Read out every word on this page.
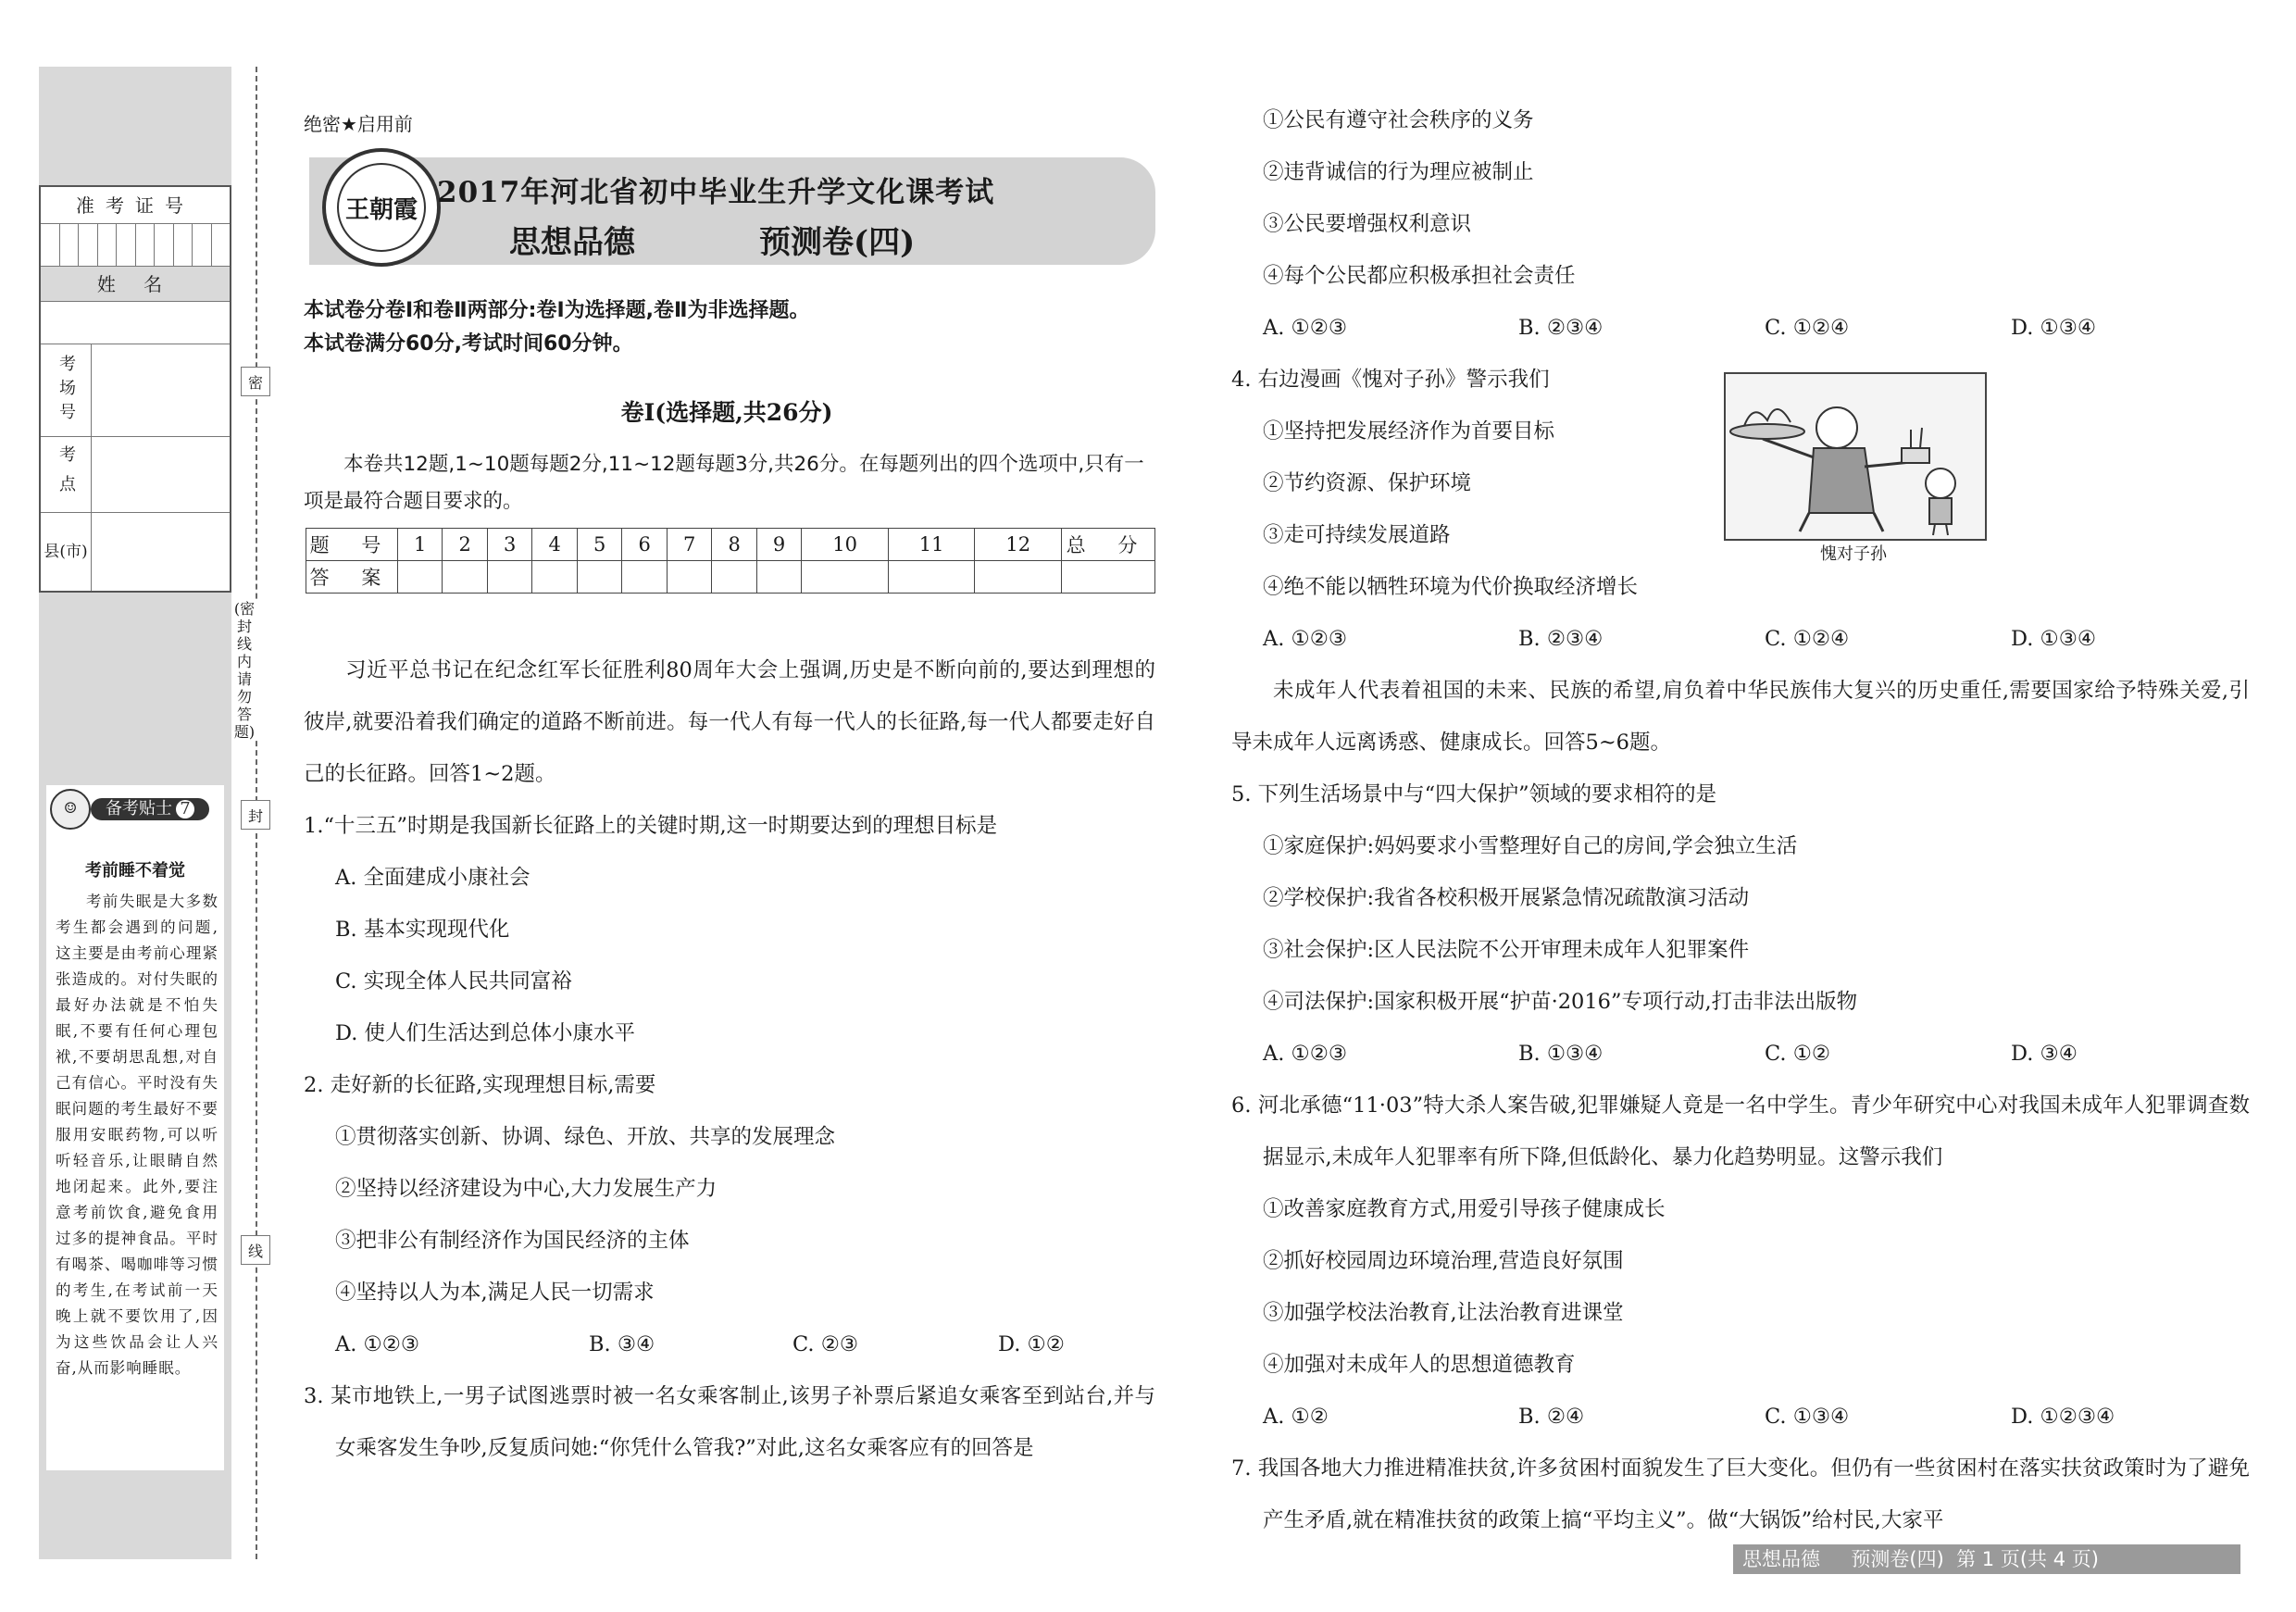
准考证号
姓 名
考场号
考点
县(市)
密
封
线
(密封线内请勿答题)
☺	备考贴士 7
考前睡不着觉
考前失眠是大多数考生都会遇到的问题,这主要是由考前心理紧张造成的。对付失眠的最好办法就是不怕失眠,不要有任何心理包袱,不要胡思乱想,对自己有信心。平时没有失眠问题的考生最好不要服用安眠药物,可以听听轻音乐,让眼睛自然地闭起来。此外,要注意考前饮食,避免食用过多的提神食品。平时有喝茶、喝咖啡等习惯的考生,在考试前一天晚上就不要饮用了,因为这些饮品会让人兴奋,从而影响睡眠。
绝密★启用前
王朝霞
2017年河北省初中毕业生升学文化课考试
思想品德	预测卷(四)
本试卷分卷Ⅰ和卷Ⅱ两部分:卷Ⅰ为选择题,卷Ⅱ为非选择题。
本试卷满分60分,考试时间60分钟。
卷Ⅰ(选择题,共26分)
本卷共12题,1~10题每题2分,11~12题每题3分,共26分。在每题列出的四个选项中,只有一项是最符合题目要求的。
题 号	1	2	3	4	5	6	7	8	9	10	11	12	总 分
答 案													
习近平总书记在纪念红军长征胜利80周年大会上强调,历史是不断向前的,要达到理想的彼岸,就要沿着我们确定的道路不断前进。每一代人有每一代人的长征路,每一代人都要走好自己的长征路。回答1~2题。
1.“十三五”时期是我国新长征路上的关键时期,这一时期要达到的理想目标是
A. 全面建成小康社会
B. 基本实现现代化
C. 实现全体人民共同富裕
D. 使人们生活达到总体小康水平
2. 走好新的长征路,实现理想目标,需要
①贯彻落实创新、协调、绿色、开放、共享的发展理念
②坚持以经济建设为中心,大力发展生产力
③把非公有制经济作为国民经济的主体
④坚持以人为本,满足人民一切需求
A. ①②③	B. ③④	C. ②③	D. ①②
3. 某市地铁上,一男子试图逃票时被一名女乘客制止,该男子补票后紧追女乘客至到站台,并与女乘客发生争吵,反复质问她:“你凭什么管我?”对此,这名女乘客应有的回答是
①公民有遵守社会秩序的义务
②违背诚信的行为理应被制止
③公民要增强权利意识
④每个公民都应积极承担社会责任
A. ①②③	B. ②③④	C. ①②④	D. ①③④
4. 右边漫画《愧对子孙》警示我们
①坚持把发展经济作为首要目标
②节约资源、保护环境
③走可持续发展道路
④绝不能以牺牲环境为代价换取经济增长
愧对子孙
A. ①②③	B. ②③④	C. ①②④	D. ①③④
未成年人代表着祖国的未来、民族的希望,肩负着中华民族伟大复兴的历史重任,需要国家给予特殊关爱,引导未成年人远离诱惑、健康成长。回答5~6题。
5. 下列生活场景中与“四大保护”领域的要求相符的是
①家庭保护:妈妈要求小雪整理好自己的房间,学会独立生活
②学校保护:我省各校积极开展紧急情况疏散演习活动
③社会保护:区人民法院不公开审理未成年人犯罪案件
④司法保护:国家积极开展“护苗·2016”专项行动,打击非法出版物
A. ①②③	B. ①③④	C. ①②	D. ③④
6. 河北承德“11·03”特大杀人案告破,犯罪嫌疑人竟是一名中学生。青少年研究中心对我国未成年人犯罪调查数据显示,未成年人犯罪率有所下降,但低龄化、暴力化趋势明显。这警示我们
①改善家庭教育方式,用爱引导孩子健康成长
②抓好校园周边环境治理,营造良好氛围
③加强学校法治教育,让法治教育进课堂
④加强对未成年人的思想道德教育
A. ①②	B. ②④	C. ①③④	D. ①②③④
7. 我国各地大力推进精准扶贫,许多贫困村面貌发生了巨大变化。但仍有一些贫困村在落实扶贫政策时为了避免产生矛盾,就在精准扶贫的政策上搞“平均主义”。做“大锅饭”给村民,大家平
思想品德     预测卷(四)  第 1 页(共 4 页)
